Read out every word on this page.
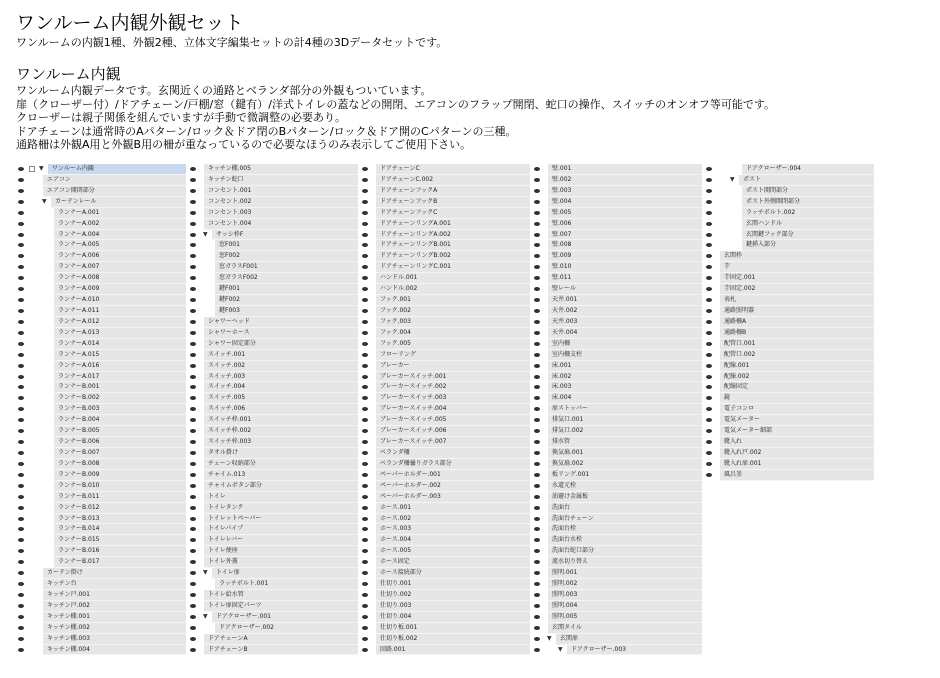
ワンルーム内観外観セット
ワンルームの内観1種、外観2種、立体文字編集セットの計4種の3Dデータセットです。
ワンルーム内観
ワンルーム内観データです。玄関近くの通路とベランダ部分の外観もついています。
扉（クローザー付）/ドアチェーン/戸棚/窓（鍵有）/洋式トイレの蓋などの開閉、エアコンのフラップ開閉、蛇口の操作、スイッチのオンオフ等可能です。
クローザーは親子関係を組んでいますが手動で微調整の必要あり。
ドアチェーンは通常時のAパターン/ロック＆ドア閉のBパターン/ロック＆ドア開のCパターンの三種。
通路柵は外観A用と外観B用の柵が重なっているので必要なほうのみ表示してご使用下さい。
▼ ワンルーム内観
エアコン
エアコン開閉部分
▼ カーテンレール
ランナーA.001
ランナーA.002
ランナーA.004
ランナーA.005
ランナーA.006
ランナーA.007
ランナーA.008
ランナーA.009
ランナーA.010
ランナーA.011
ランナーA.012
ランナーA.013
ランナーA.014
ランナーA.015
ランナーA.016
ランナーA.017
ランナーB.001
ランナーB.002
ランナーB.003
ランナーB.004
ランナーB.005
ランナーB.006
ランナーB.007
ランナーB.008
ランナーB.009
ランナーB.010
ランナーB.011
ランナーB.012
ランナーB.013
ランナーB.014
ランナーB.015
ランナーB.016
ランナーB.017
カーテン掛け
キッチン台
キッチン戸.001
キッチン戸.002
キッチン棚.001
キッチン棚.002
キッチン棚.003
キッチン棚.004
キッチン棚.005
キッチン蛇口
コンセント.001
コンセント.002
コンセント.003
コンセント.004
▼ サッシ枠F
窓F001
窓F002
窓ガラスF001
窓ガラスF002
鍵F001
鍵F002
鍵F003
シャワーヘッド
シャワーホース
シャワー固定部分
スイッチ.001
スイッチ.002
スイッチ.003
スイッチ.004
スイッチ.005
スイッチ.006
スイッチ枠.001
スイッチ枠.002
スイッチ枠.003
タオル掛け
チェーン収納部分
チャイム.013
チャイムボタン部分
トイレ
トイレタンク
トイレットペーパー
トイレパイプ
トイレレバー
トイレ便座
トイレ外蓋
▼ トイレ扉
ラッチボルト.001
トイレ給水管
トイレ扉固定パーツ
▼ ドアクローザー.001
ドアクローザー.002
ドアチェーンA
ドアチェーンB
ドアチェーンC
ドアチェーンC.002
ドアチェーンフックA
ドアチェーンフックB
ドアチェーンフックC
ドアチェーンリングA.001
ドアチェーンリングA.002
ドアチェーンリングB.001
ドアチェーンリングB.002
ドアチェーンリングC.001
ハンドル.001
ハンドル.002
フック.001
フック.002
フック.003
フック.004
フック.005
フローリング
ブレーカー
ブレーカースイッチ.001
ブレーカースイッチ.002
ブレーカースイッチ.003
ブレーカースイッチ.004
ブレーカースイッチ.005
ブレーカースイッチ.006
ブレーカースイッチ.007
ベランダ柵
ベランダ柵曇りガラス部分
ペーパーホルダー.001
ペーパーホルダー.002
ペーパーホルダー.003
ホース.001
ホース.002
ホース.003
ホース.004
ホース.005
ホース固定
ホース接続部分
仕切り.001
仕切り.002
仕切り.003
仕切り.004
仕切り板.001
仕切り板.002
回路.001
壁.001
壁.002
壁.003
壁.004
壁.005
壁.006
壁.007
壁.008
壁.009
壁.010
壁.011
壁レール
天井.001
天井.002
天井.003
天井.004
室内柵
室内柵支柱
床.001
床.002
床.003
床.004
扉ストッパー
排気口.001
排気口.002
排水管
換気扇.001
換気扇.002
板リング.001
水道元栓
油避け金属板
洗面台
洗面台チェーン
洗面台栓
洗面台水栓
洗面台蛇口部分
流水切り替え
照明.001
照明.002
照明.003
照明.004
照明.005
玄関タイル
▼ 玄関扉
▼ ドアクローザー.003
ドアクローザー.004
▼ ポスト
ポスト開閉部分
ポスト外側開閉部分
ラッチボルト.002
玄関ハンドル
玄関鍵フック部分
鍵挿入部分
玄関枠
芋
芋固定.001
芋固定.002
表札
通路照明器
通路柵A
通路柵B
配管口.001
配管口.002
配線.001
配線.002
配線固定
鏡
電子コンロ
電気メーター
電気メーター細部
靴入れ
靴入れ戸.002
靴入れ扉.001
風呂釜
